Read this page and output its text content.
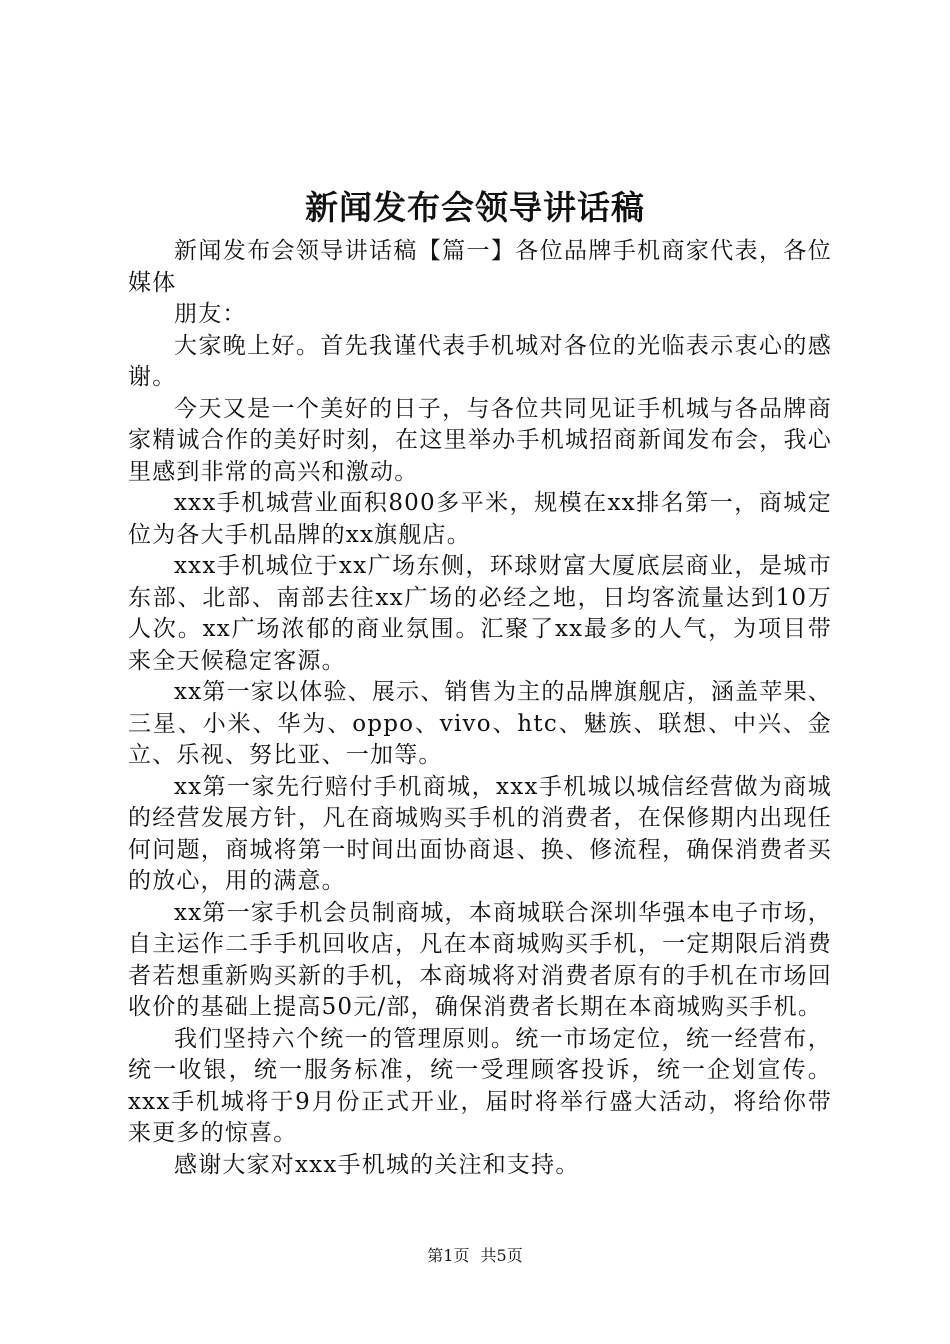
新闻发布会领导讲话稿

新闻发布会领导讲话稿【篇一】各位品牌手机商家代表，各位媒体

朋友：

大家晚上好。首先我谨代表手机城对各位的光临表示衷心的感谢。

今天又是一个美好的日子，与各位共同见证手机城与各品牌商家精诚合作的美好时刻，在这里举办手机城招商新闻发布会，我心里感到非常的高兴和激动。

xxx手机城营业面积800多平米，规模在xx排名第一，商城定位为各大手机品牌的xx旗舰店。

xxx手机城位于xx广场东侧，环球财富大厦底层商业，是城市东部、北部、南部去往xx广场的必经之地，日均客流量达到10万人次。xx广场浓郁的商业氛围。汇聚了xx最多的人气，为项目带来全天候稳定客源。

xx第一家以体验、展示、销售为主的品牌旗舰店，涵盖苹果、三星、小米、华为、oppo、vivo、htc、魅族、联想、中兴、金立、乐视、努比亚、一加等。

xx第一家先行赔付手机商城，xxx手机城以城信经营做为商城的经营发展方针，凡在商城购买手机的消费者，在保修期内出现任何问题，商城将第一时间出面协商退、换、修流程，确保消费者买的放心，用的满意。

xx第一家手机会员制商城，本商城联合深圳华强本电子市场，自主运作二手手机回收店，凡在本商城购买手机，一定期限后消费者若想重新购买新的手机，本商城将对消费者原有的手机在市场回收价的基础上提高50元/部，确保消费者长期在本商城购买手机。

我们坚持六个统一的管理原则。统一市场定位，统一经营布，统一收银，统一服务标准，统一受理顾客投诉，统一企划宣传。xxx手机城将于9月份正式开业，届时将举行盛大活动，将给你带来更多的惊喜。

感谢大家对xxx手机城的关注和支持。

第1页 共5页
